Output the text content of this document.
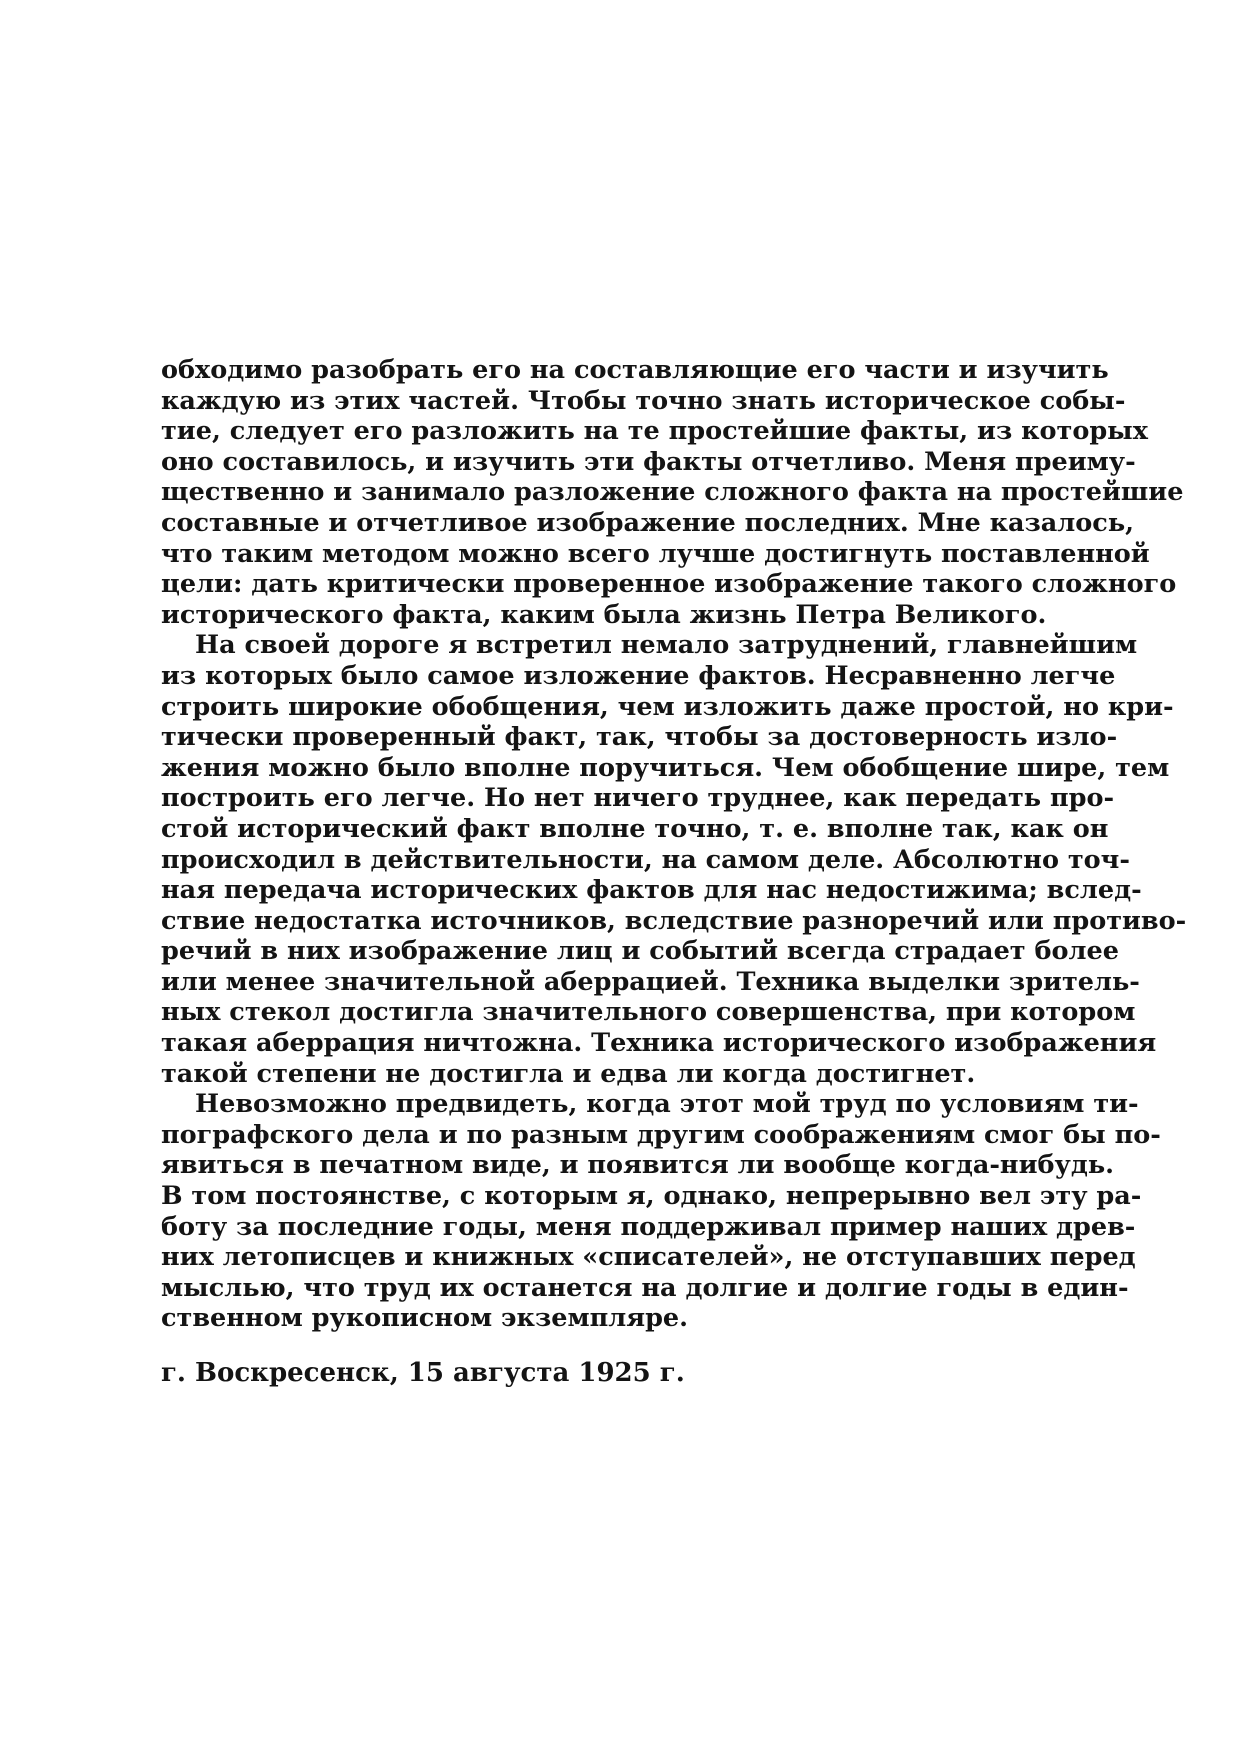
обходимо разобрать его на составляющие его части и изучить
каждую из этих частей. Чтобы точно знать историческое собы-
тие, следует его разложить на те простейшие факты, из которых
оно составилось, и изучить эти факты отчетливо. Меня преиму-
щественно и занимало разложение сложного факта на простейшие
составные и отчетливое изображение последних. Мне казалось,
что таким методом можно всего лучше достигнуть поставленной
цели: дать критически проверенное изображение такого сложного
исторического факта, каким была жизнь Петра Великого.
На своей дороге я встретил немало затруднений, главнейшим
из которых было самое изложение фактов. Несравненно легче
строить широкие обобщения, чем изложить даже простой, но кри-
тически проверенный факт, так, чтобы за достоверность изло-
жения можно было вполне поручиться. Чем обобщение шире, тем
построить его легче. Но нет ничего труднее, как передать про-
стой исторический факт вполне точно, т. е. вполне так, как он
происходил в действительности, на самом деле. Абсолютно точ-
ная передача исторических фактов для нас недостижима; вслед-
ствие недостатка источников, вследствие разноречий или противо-
речий в них изображение лиц и событий всегда страдает более
или менее значительной аберрацией. Техника выделки зритель-
ных стекол достигла значительного совершенства, при котором
такая аберрация ничтожна. Техника исторического изображения
такой степени не достигла и едва ли когда достигнет.
Невозможно предвидеть, когда этот мой труд по условиям ти-
пографского дела и по разным другим соображениям смог бы по-
явиться в печатном виде, и появится ли вообще когда-нибудь.
В том постоянстве, с которым я, однако, непрерывно вел эту ра-
боту за последние годы, меня поддерживал пример наших древ-
них летописцев и книжных «списателей», не отступавших перед
мыслью, что труд их останется на долгие и долгие годы в един-
ственном рукописном экземпляре.
г. Воскресенск, 15 августа 1925 г.
